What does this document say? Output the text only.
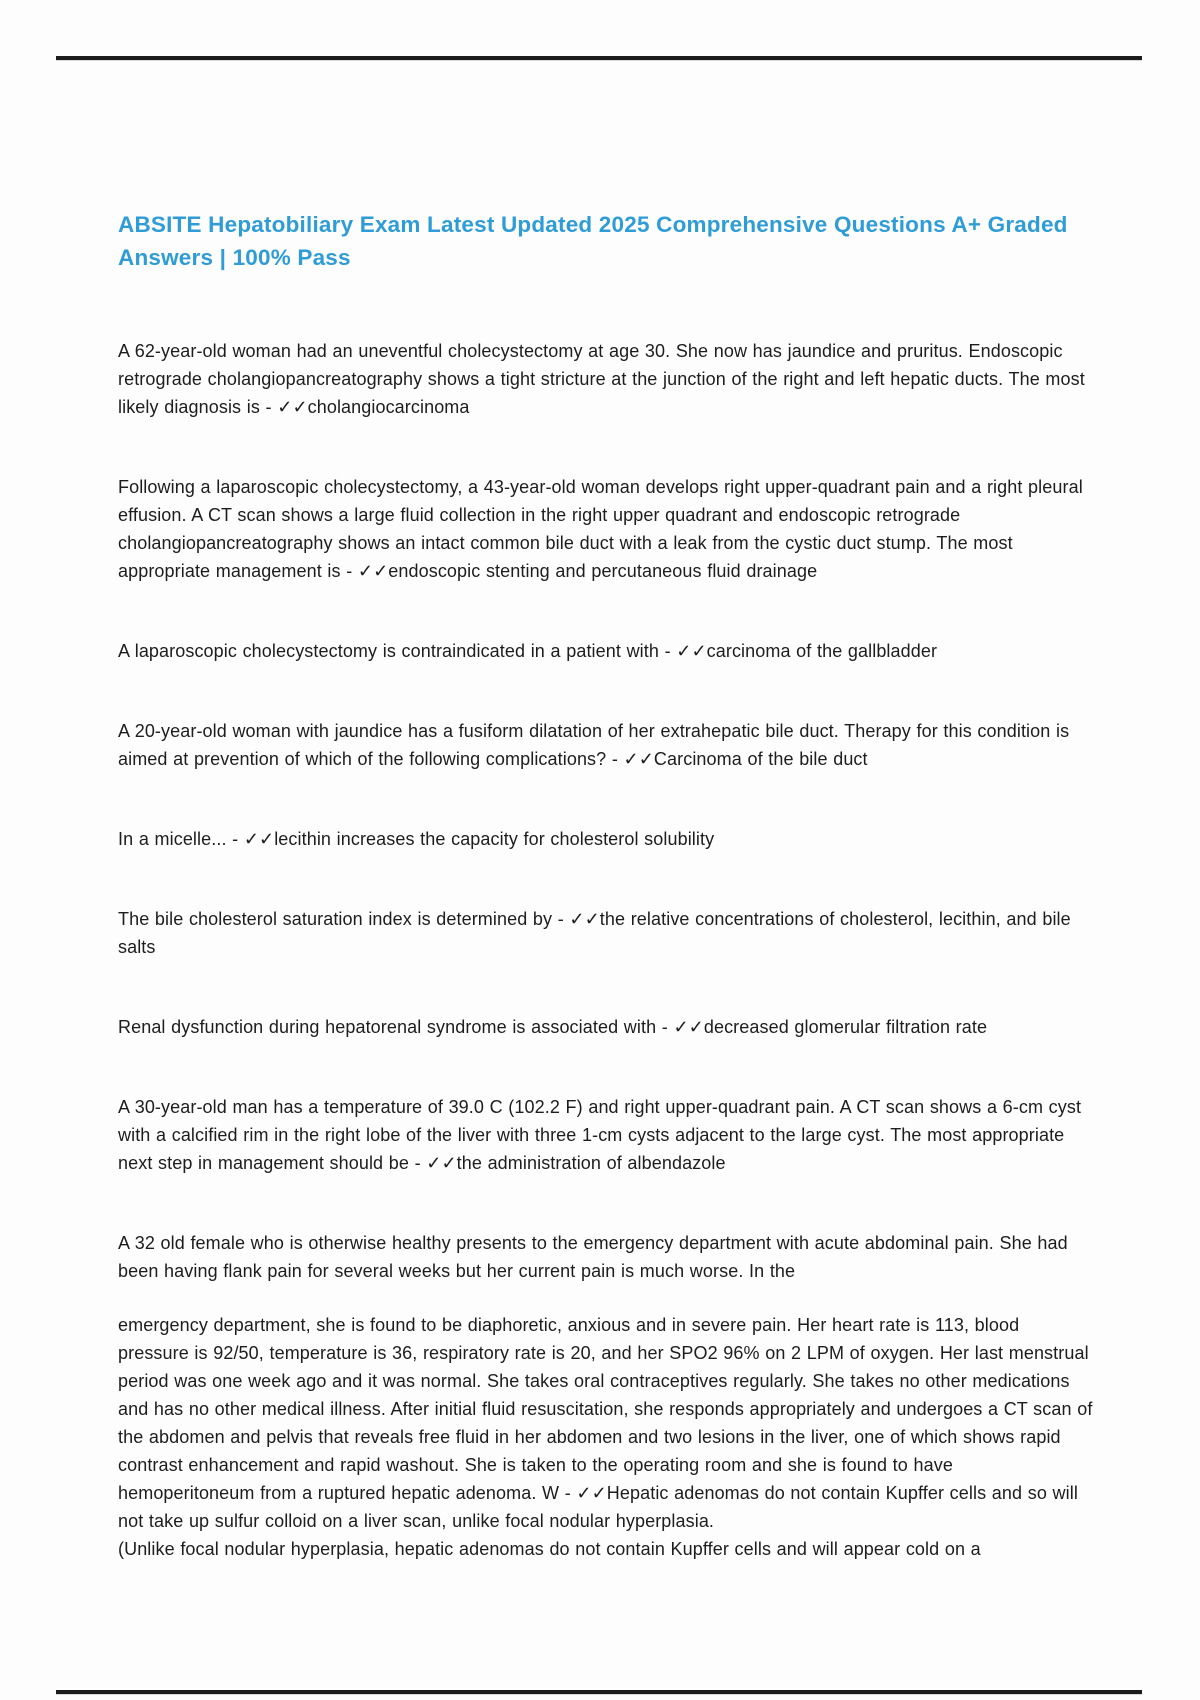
ABSITE Hepatobiliary Exam Latest Updated 2025 Comprehensive Questions A+ Graded Answers | 100% Pass

A 62-year-old woman had an uneventful cholecystectomy at age 30. She now has jaundice and pruritus. Endoscopic retrograde cholangiopancreatography shows a tight stricture at the junction of the right and left hepatic ducts. The most likely diagnosis is - ✓✓cholangiocarcinoma

Following a laparoscopic cholecystectomy, a 43-year-old woman develops right upper-quadrant pain and a right pleural effusion. A CT scan shows a large fluid collection in the right upper quadrant and endoscopic retrograde cholangiopancreatography shows an intact common bile duct with a leak from the cystic duct stump. The most appropriate management is - ✓✓endoscopic stenting and percutaneous fluid drainage

A laparoscopic cholecystectomy is contraindicated in a patient with - ✓✓carcinoma of the gallbladder

A 20-year-old woman with jaundice has a fusiform dilatation of her extrahepatic bile duct. Therapy for this condition is aimed at prevention of which of the following complications? - ✓✓Carcinoma of the bile duct

In a micelle... - ✓✓lecithin increases the capacity for cholesterol solubility

The bile cholesterol saturation index is determined by - ✓✓the relative concentrations of cholesterol, lecithin, and bile salts

Renal dysfunction during hepatorenal syndrome is associated with - ✓✓decreased glomerular filtration rate

A 30-year-old man has a temperature of 39.0 C (102.2 F) and right upper-quadrant pain. A CT scan shows a 6-cm cyst with a calcified rim in the right lobe of the liver with three 1-cm cysts adjacent to the large cyst. The most appropriate next step in management should be - ✓✓the administration of albendazole

A 32 old female who is otherwise healthy presents to the emergency department with acute abdominal pain. She had been having flank pain for several weeks but her current pain is much worse. In the

emergency department, she is found to be diaphoretic, anxious and in severe pain. Her heart rate is 113, blood pressure is 92/50, temperature is 36, respiratory rate is 20, and her SPO2 96% on 2 LPM of oxygen. Her last menstrual period was one week ago and it was normal. She takes oral contraceptives regularly. She takes no other medications and has no other medical illness. After initial fluid resuscitation, she responds appropriately and undergoes a CT scan of the abdomen and pelvis that reveals free fluid in her abdomen and two lesions in the liver, one of which shows rapid contrast enhancement and rapid washout. She is taken to the operating room and she is found to have hemoperitoneum from a ruptured hepatic adenoma. W - ✓✓Hepatic adenomas do not contain Kupffer cells and so will not take up sulfur colloid on a liver scan, unlike focal nodular hyperplasia.

(Unlike focal nodular hyperplasia, hepatic adenomas do not contain Kupffer cells and will appear cold on a
